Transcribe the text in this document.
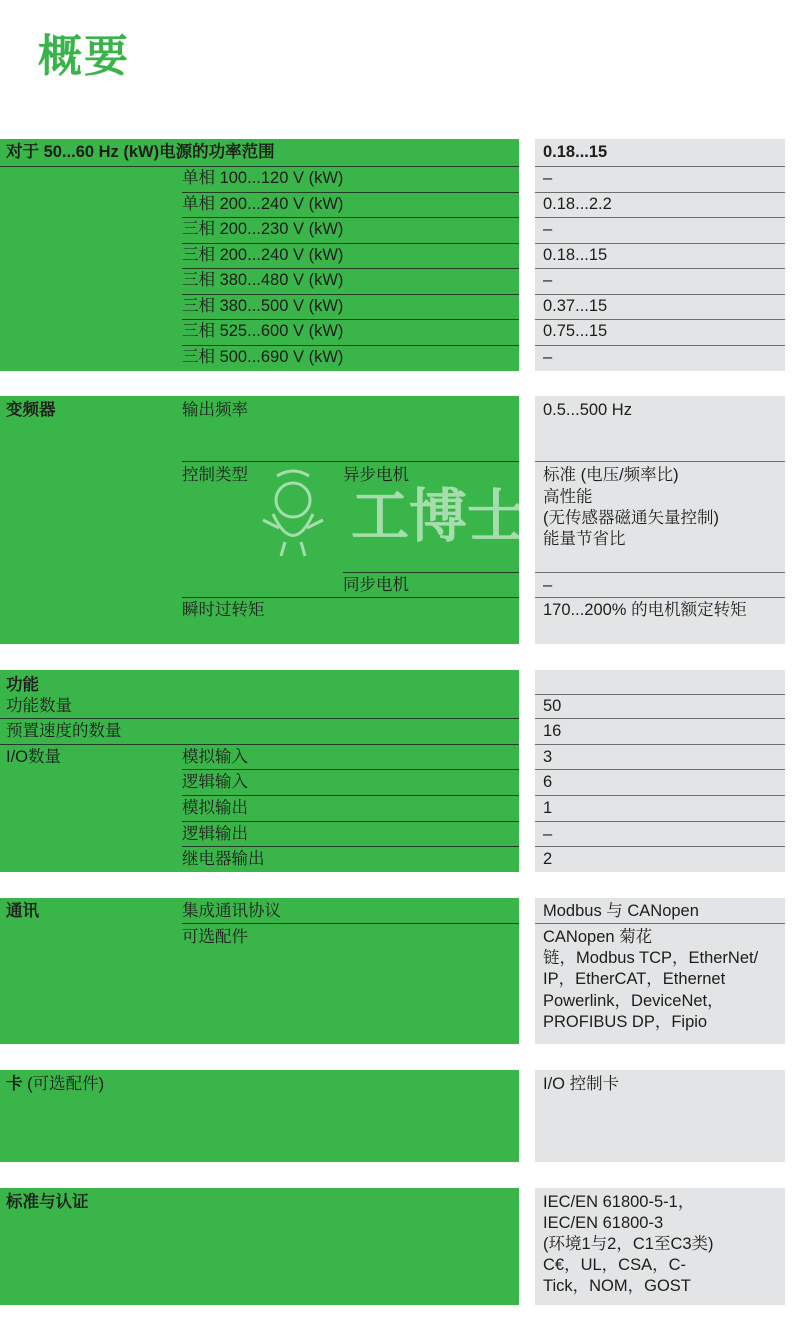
概要
对于 50...60 Hz (kW)电源的功率范围	0.18...15
单相 100...120 V (kW)	–
单相 200...240 V (kW)	0.18...2.2
三相 200...230 V (kW)	–
三相 200...240 V (kW)	0.18...15
三相 380...480 V (kW)	–
三相 380...500 V (kW)	0.37...15
三相 525...600 V (kW)	0.75...15
三相 500...690 V (kW)	–
变频器	输出频率	0.5...500 Hz
控制类型	异步电机	标准 (电压/频率比)
高性能
(无传感器磁通矢量控制)
能量节省比
同步电机	–
瞬时过转矩	170...200% 的电机额定转矩
工博士
功能
功能数量	50
预置速度的数量	16
I/O数量	模拟输入	3
逻辑输入	6
模拟输出	1
逻辑输出	–
继电器输出	2
通讯	集成通讯协议	Modbus 与 CANopen
可选配件	CANopen 菊花
链，Modbus TCP，EtherNet/
IP，EtherCAT，Ethernet
Powerlink，DeviceNet，
PROFIBUS DP，Fipio
卡 (可选配件)	I/O 控制卡
标准与认证	IEC/EN 61800-5-1，
IEC/EN 61800-3
(环境1与2，C1至C3类)
C€，UL，CSA，C-
Tick，NOM，GOST
